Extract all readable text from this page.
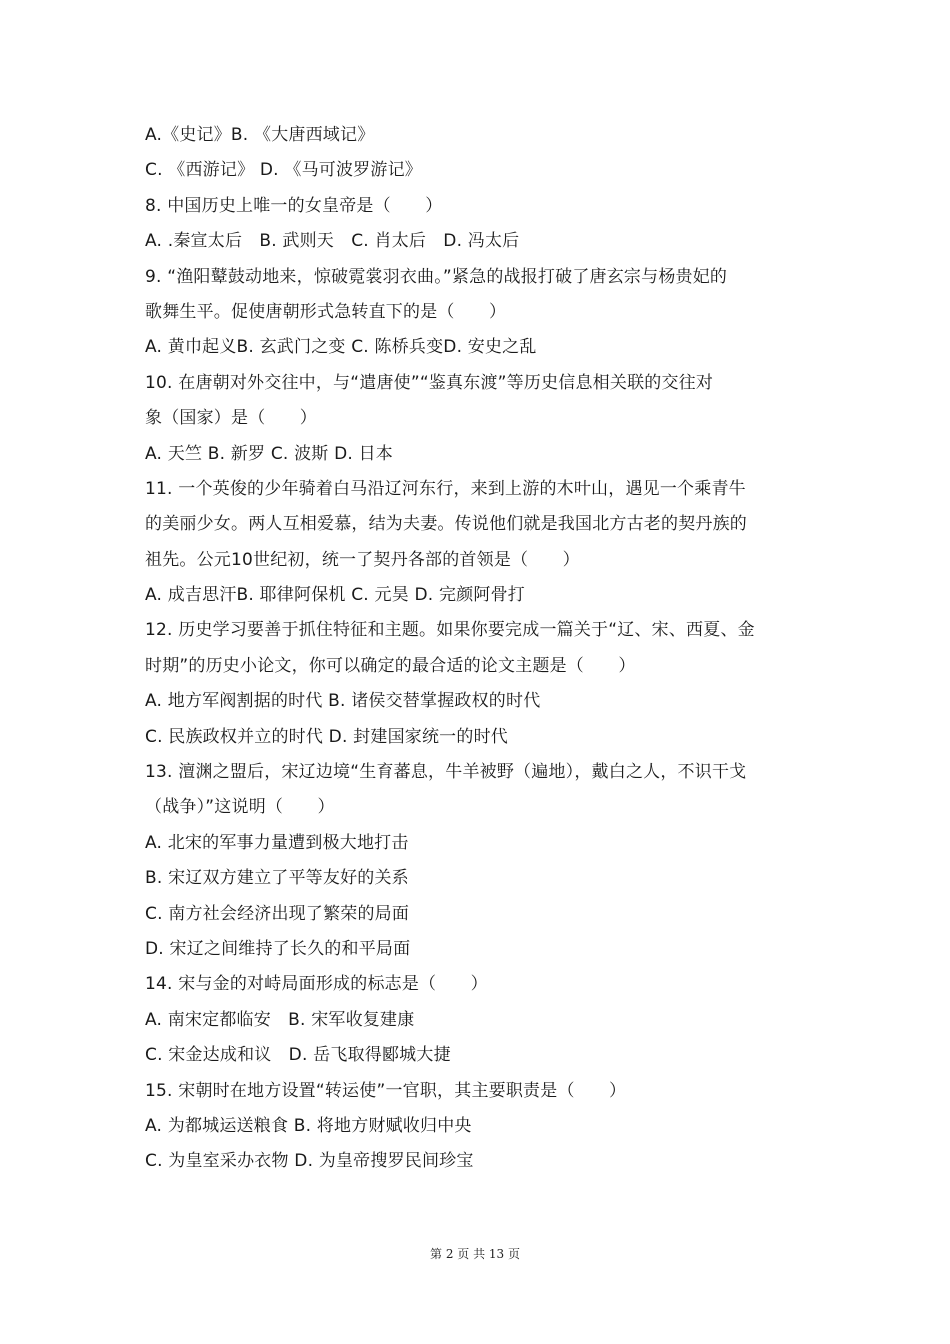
A.《史记》B. 《大唐西域记》
C. 《西游记》 D. 《马可波罗游记》
8. 中国历史上唯一的女皇帝是（　　）
A. .秦宣太后　B. 武则天　C. 肖太后　D. 冯太后
9. “渔阳鼙鼓动地来，惊破霓裳羽衣曲。”紧急的战报打破了唐玄宗与杨贵妃的
歌舞生平。促使唐朝形式急转直下的是（　　）
A. 黄巾起义B. 玄武门之变 C. 陈桥兵变D. 安史之乱
10. 在唐朝对外交往中，与“遣唐使”“鉴真东渡”等历史信息相关联的交往对
象（国家）是（　　）
A. 天竺 B. 新罗 C. 波斯 D. 日本
11. 一个英俊的少年骑着白马沿辽河东行，来到上游的木叶山，遇见一个乘青牛
的美丽少女。两人互相爱慕，结为夫妻。传说他们就是我国北方古老的契丹族的
祖先。公元10世纪初，统一了契丹各部的首领是（　　）
A. 成吉思汗B. 耶律阿保机 C. 元昊 D. 完颜阿骨打
12. 历史学习要善于抓住特征和主题。如果你要完成一篇关于“辽、宋、西夏、金
时期”的历史小论文，你可以确定的最合适的论文主题是（　　）
A. 地方军阀割据的时代 B. 诸侯交替掌握政权的时代
C. 民族政权并立的时代 D. 封建国家统一的时代
13. 澶渊之盟后，宋辽边境“生育蕃息，牛羊被野（遍地），戴白之人，不识干戈
（战争）”这说明（　　）
A. 北宋的军事力量遭到极大地打击
B. 宋辽双方建立了平等友好的关系
C. 南方社会经济出现了繁荣的局面
D. 宋辽之间维持了长久的和平局面
14. 宋与金的对峙局面形成的标志是（　　）
A. 南宋定都临安　B. 宋军收复建康
C. 宋金达成和议　D. 岳飞取得郾城大捷
15. 宋朝时在地方设置“转运使”一官职，其主要职责是（　　）
A. 为都城运送粮食 B. 将地方财赋收归中央
C. 为皇室采办衣物 D. 为皇帝搜罗民间珍宝
第 2 页 共 13 页
